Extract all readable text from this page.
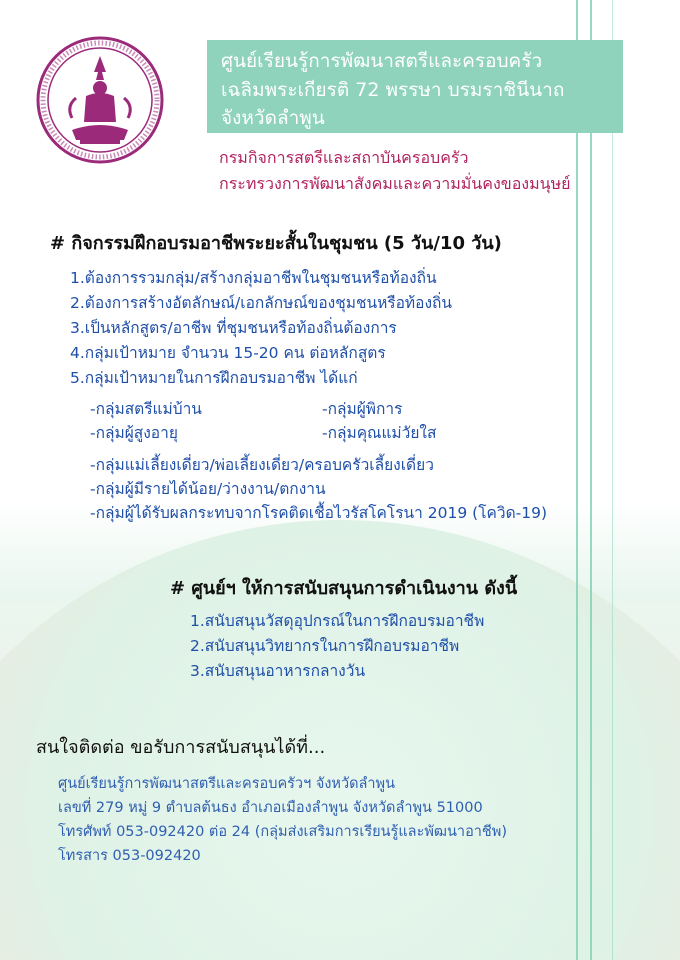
ศูนย์เรียนรู้การพัฒนาสตรีและครอบครัว
เฉลิมพระเกียรติ 72 พรรษา บรมราชินีนาถ
จังหวัดลำพูน
กรมกิจการสตรีและสถาบันครอบครัว
กระทรวงการพัฒนาสังคมและความมั่นคงของมนุษย์
# กิจกรรมฝึกอบรมอาชีพระยะสั้นในชุมชน (5 วัน/10 วัน)
1.ต้องการรวมกลุ่ม/สร้างกลุ่มอาชีพในชุมชนหรือท้องถิ่น
2.ต้องการสร้างอัตลักษณ์/เอกลักษณ์ของชุมชนหรือท้องถิ่น
3.เป็นหลักสูตร/อาชีพ ที่ชุมชนหรือท้องถิ่นต้องการ
4.กลุ่มเป้าหมาย จำนวน 15-20 คน ต่อหลักสูตร
5.กลุ่มเป้าหมายในการฝึกอบรมอาชีพ ได้แก่
-กลุ่มสตรีแม่บ้าน
-กลุ่มผู้สูงอายุ
-กลุ่มผู้พิการ
-กลุ่มคุณแม่วัยใส
-กลุ่มแม่เลี้ยงเดี่ยว/พ่อเลี้ยงเดี่ยว/ครอบครัวเลี้ยงเดี่ยว
-กลุ่มผู้มีรายได้น้อย/ว่างงาน/ตกงาน
-กลุ่มผู้ได้รับผลกระทบจากโรคติดเชื้อไวรัสโคโรนา 2019 (โควิด-19)
# ศูนย์ฯ ให้การสนับสนุนการดำเนินงาน ดังนี้
1.สนับสนุนวัสดุอุปกรณ์ในการฝึกอบรมอาชีพ
2.สนับสนุนวิทยากรในการฝึกอบรมอาชีพ
3.สนับสนุนอาหารกลางวัน
สนใจติดต่อ ขอรับการสนับสนุนได้ที่...
ศูนย์เรียนรู้การพัฒนาสตรีและครอบครัวฯ จังหวัดลำพูน
เลขที่ 279 หมู่ 9 ตำบลต้นธง อำเภอเมืองลำพูน จังหวัดลำพูน 51000
โทรศัพท์ 053-092420 ต่อ 24 (กลุ่มส่งเสริมการเรียนรู้และพัฒนาอาชีพ)
โทรสาร 053-092420
